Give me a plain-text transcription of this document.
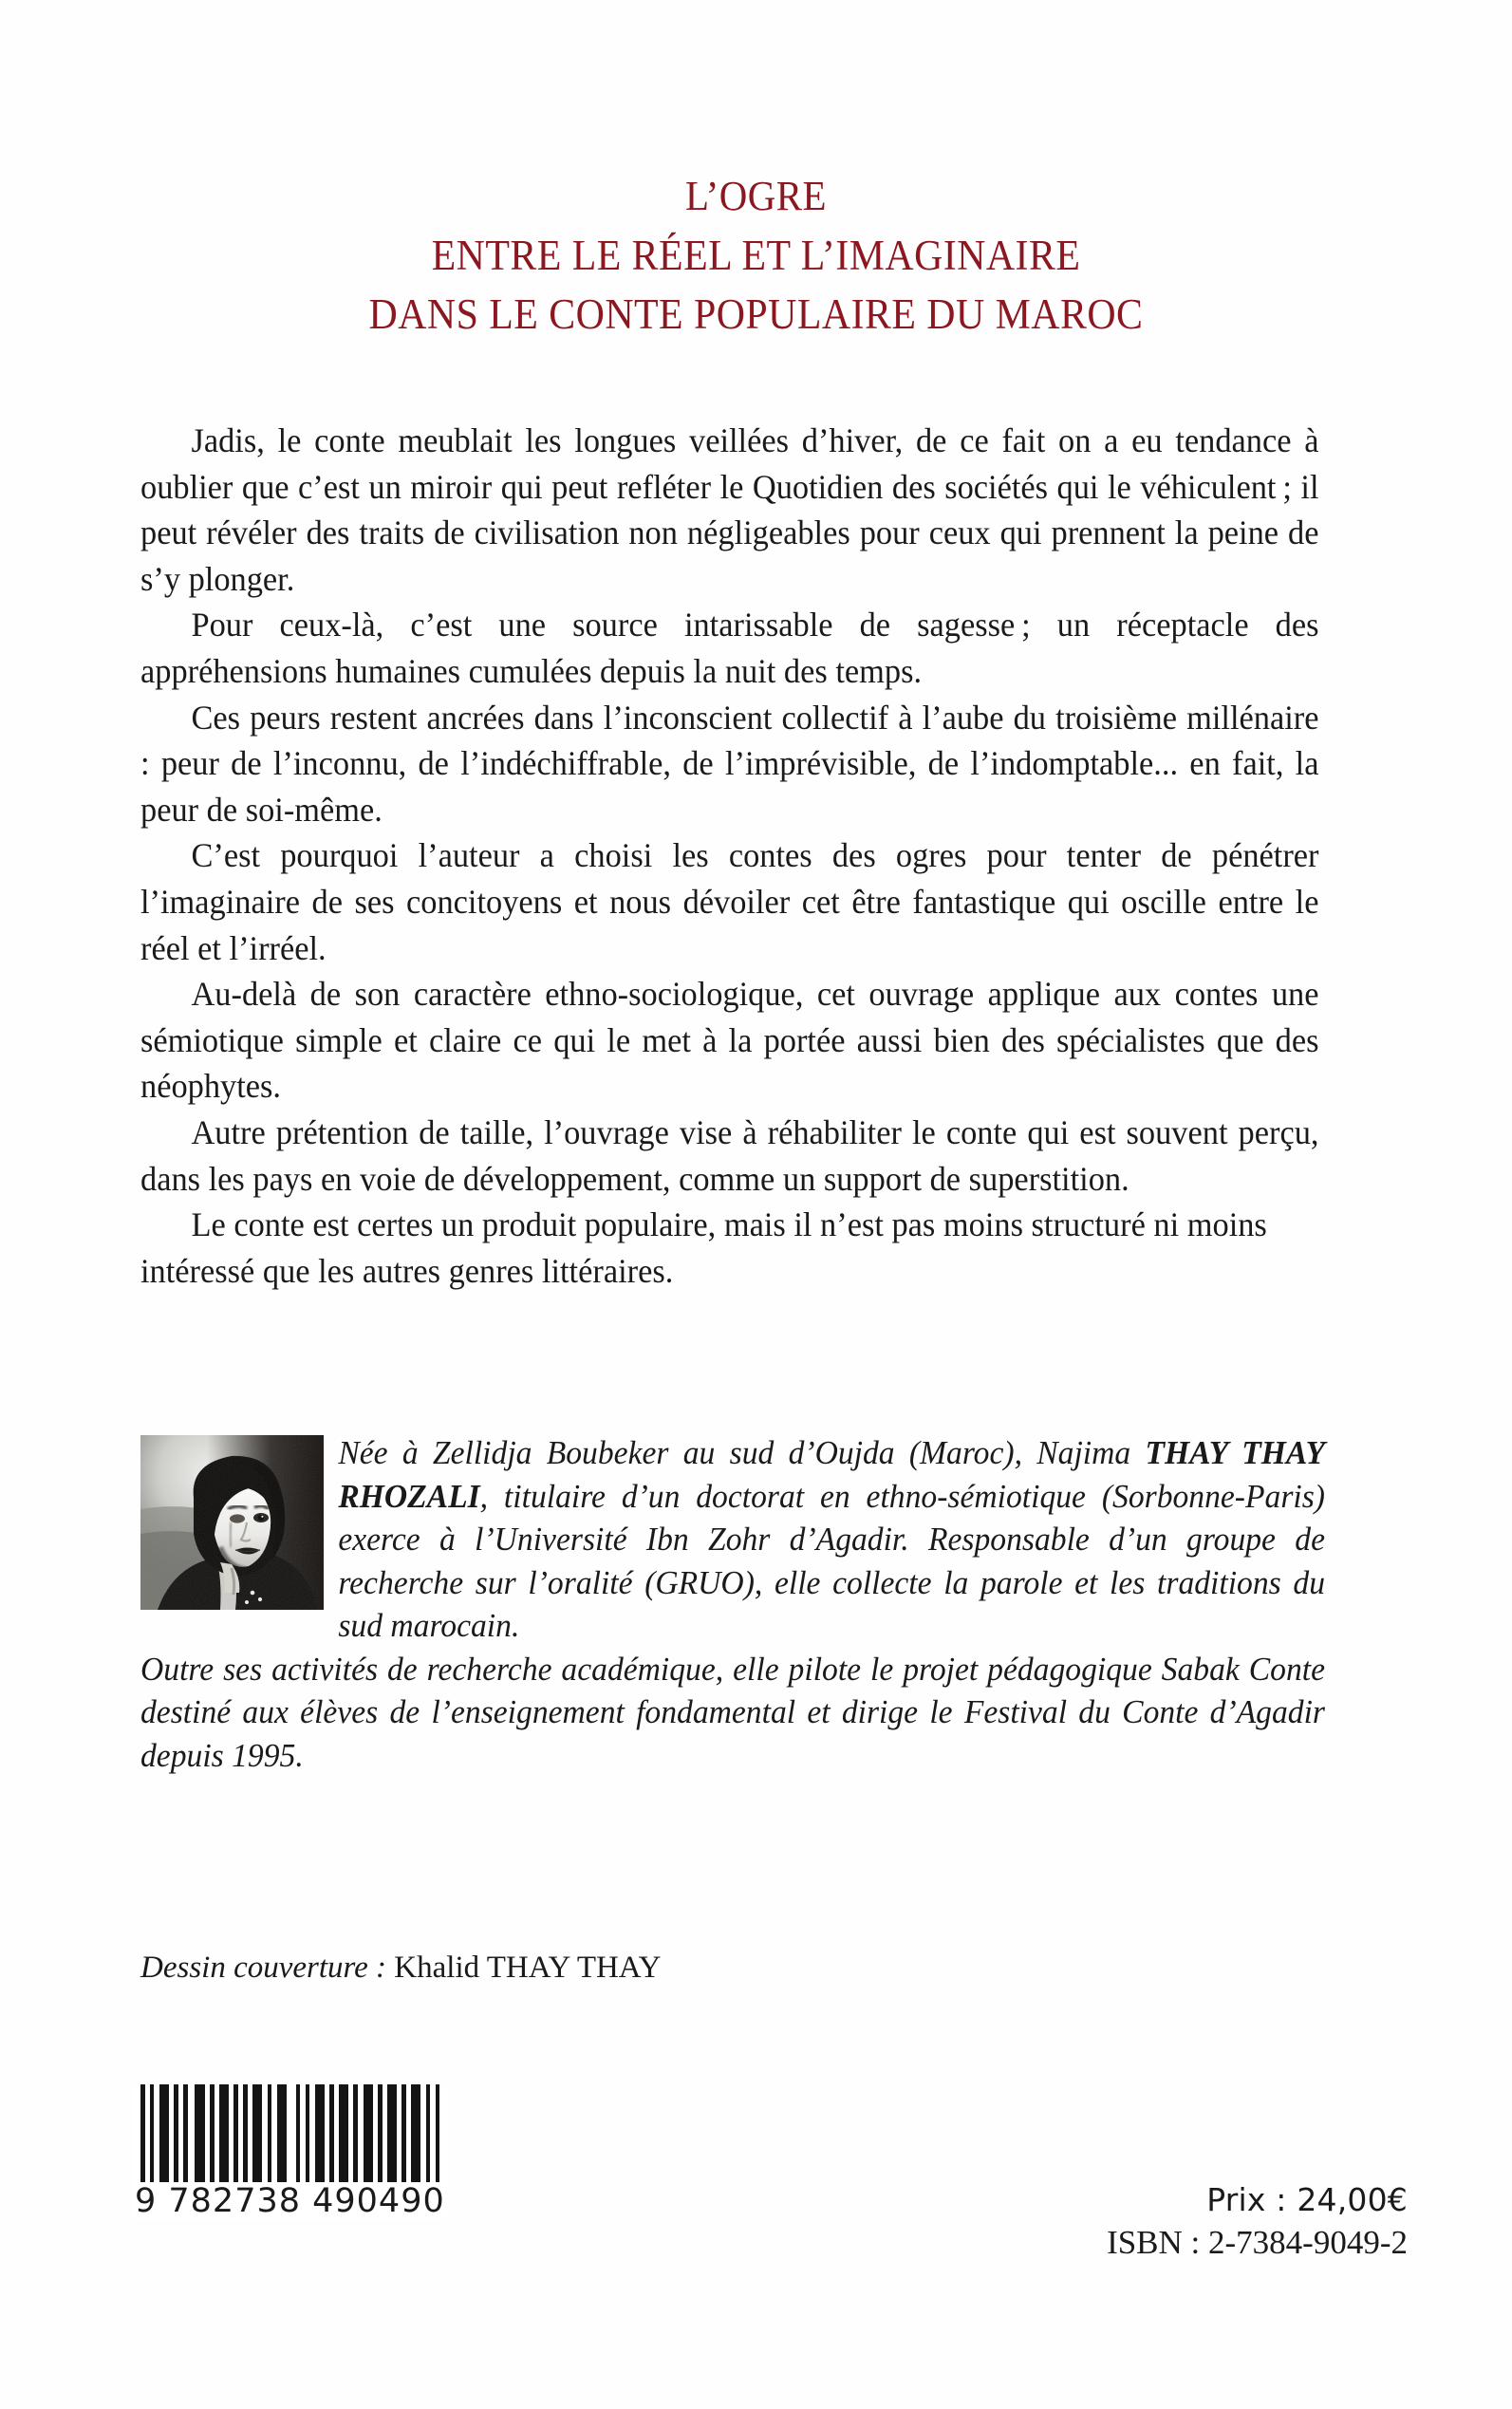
L’OGRE
ENTRE LE RÉEL ET L’IMAGINAIRE
DANS LE CONTE POPULAIRE DU MAROC

Jadis, le conte meublait les longues veillées d’hiver, de ce fait on a eu tendance à oublier que c’est un miroir qui peut refléter le Quotidien des sociétés qui le véhiculent ; il peut révéler des traits de civilisation non négligeables pour ceux qui prennent la peine de s’y plonger.

Pour ceux-là, c’est une source intarissable de sagesse ; un réceptacle des appréhensions humaines cumulées depuis la nuit des temps.

Ces peurs restent ancrées dans l’inconscient collectif à l’aube du troisième millénaire : peur de l’inconnu, de l’indéchiffrable, de l’imprévisible, de l’indomptable... en fait, la peur de soi-même.

C’est pourquoi l’auteur a choisi les contes des ogres pour tenter de pénétrer l’imaginaire de ses concitoyens et nous dévoiler cet être fantastique qui oscille entre le réel et l’irréel.

Au-delà de son caractère ethno-sociologique, cet ouvrage applique aux contes une sémiotique simple et claire ce qui le met à la portée aussi bien des spécialistes que des néophytes.

Autre prétention de taille, l’ouvrage vise à réhabiliter le conte qui est souvent perçu, dans les pays en voie de développement, comme un support de superstition.

Le conte est certes un produit populaire, mais il n’est pas moins structuré ni moins intéressé que les autres genres littéraires.

Née à Zellidja Boubeker au sud d’Oujda (Maroc), Najima THAY THAY RHOZALI, titulaire d’un doctorat en ethno-sémiotique (Sorbonne-Paris) exerce à l’Université Ibn Zohr d’Agadir. Responsable d’un groupe de recherche sur l’oralité (GRUO), elle collecte la parole et les traditions du sud marocain.
Outre ses activités de recherche académique, elle pilote le projet pédagogique Sabak Conte destiné aux élèves de l’enseignement fondamental et dirige le Festival du Conte d’Agadir depuis 1995.
Dessin couverture : Khalid THAY THAY
9 782738 490490	Prix : 24,00€
ISBN : 2-7384-9049-2
